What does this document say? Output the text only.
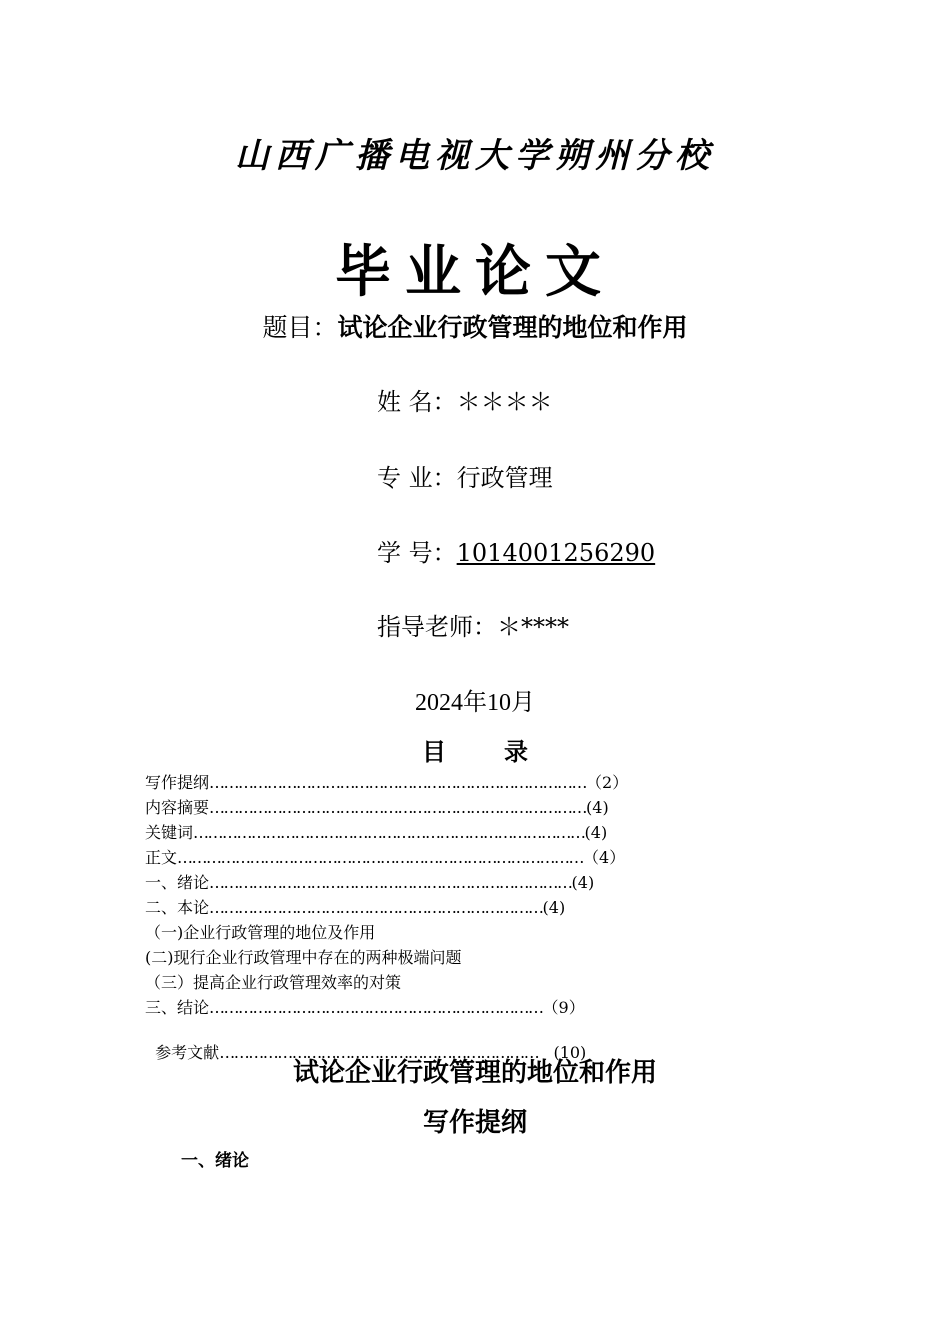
山西广播电视大学朔州分校
毕业论文
题目：试论企业行政管理的地位和作用
姓 名：＊＊＊＊
专 业：行政管理
学 号：1014001256290
指导老师：＊****
2024年10月
目 录
写作提纲……………………………………………………………………（2）
内容摘要……………………………………………………………………(4)
关键词………………………………………………………………………(4)
正文…………………………………………………………………………（4）
一、绪论…………………………………………………………………(4)
二、本论……………………………………………………………(4)
（一)企业行政管理的地位及作用
(二)现行企业行政管理中存在的两种极端问题
（三）提高企业行政管理效率的对策
三、结论……………………………………………………………（9）

参考文献…………………………………………………………   (10)

试论企业行政管理的地位和作用
写作提纲
一、绪论
